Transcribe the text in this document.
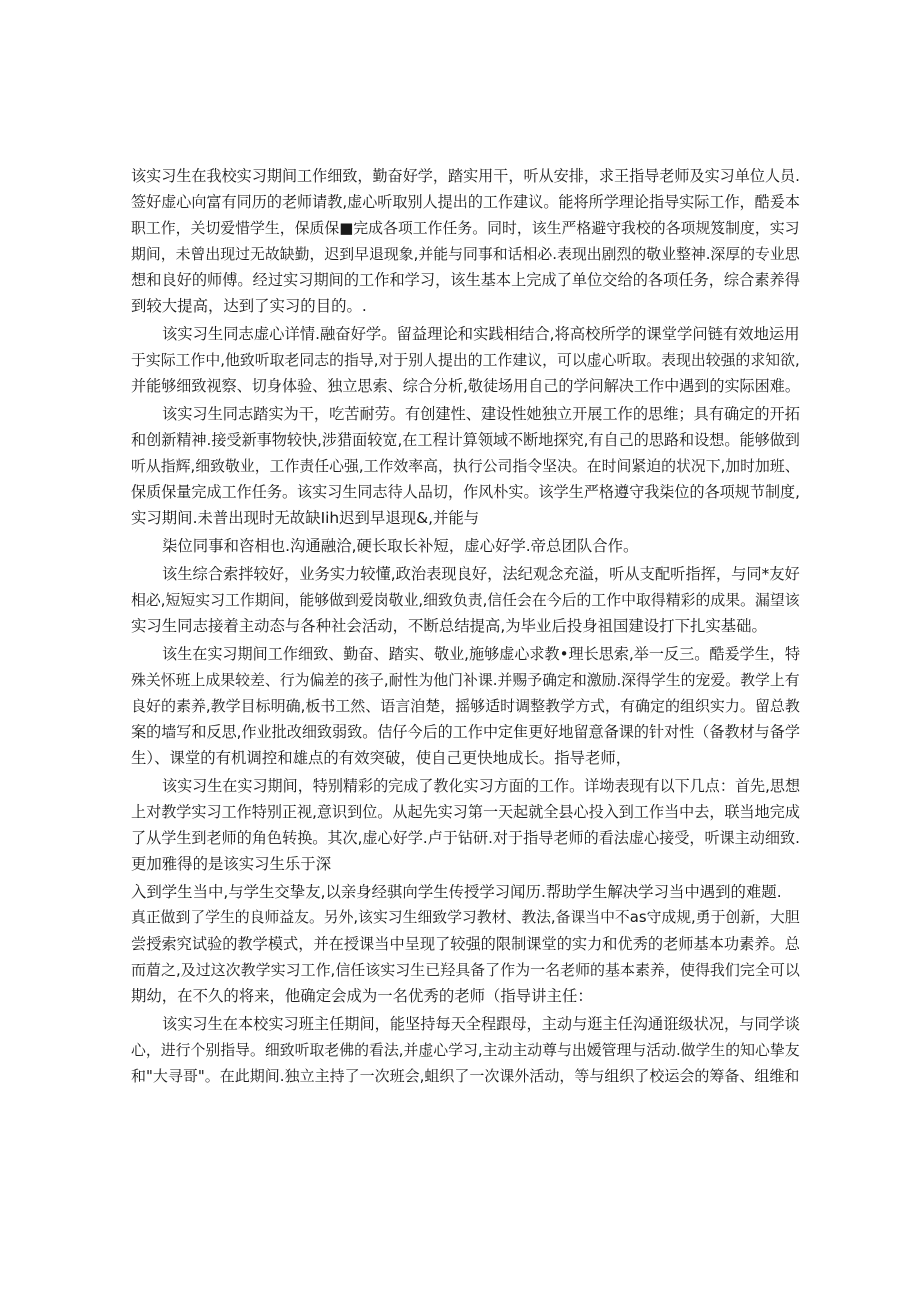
该实习生在我校实习期间工作细致，勤奋好学，踏实用干，听从安排，求王指导老师及实习单位人员.
签好虚心向富有同历的老师请教,虚心听取别人提出的工作建议。能将所学理论指导实际工作，酷爰本
职工作，关切爱惜学生，保质保■完成各项工作任务。同时，该生严格避守我校的各项规笈制度，实习
期间，未曾出现过无故缺勤，迟到早退现象,并能与同事和话相必.表现出剧烈的敬业整神.深厚的专业思
想和良好的师傅。经过实习期间的工作和学习，该生基本上完成了单位交给的各项任务，综合素养得
到较大提高，达到了实习的目的。.
该实习生同志虚心详情.融奋好学。留益理论和实践相结合,将高校所学的课堂学问链有效地运用
于实际工作中,他致听取老同志的指导,对于别人提出的工作建议，可以虚心听取。表现出较强的求知欲,
并能够细致视察、切身体验、独立思索、综合分析,敬徒场用自己的学问解决工作中遇到的实际困难。
该实习生同志踏实为干，吃苦耐劳。有创建性、建设性她独立开展工作的思维；具有确定的开拓
和创新精神.接受新事物较快,涉猎面较宽,在工程计算领域不断地探究,有自己的思路和设想。能够做到
听从指辉,细致敬业，工作责任心强,工作效率高，执行公司指令坚决。在时间紧迫的状况下,加时加班、
保质保量完成工作任务。该实习生同志待人品切，作风朴实。该学生严格遵守我柒位的各项规节制度,
实习期间.未普出现时无故缺Iih迟到早退现&,并能与
柒位同事和咨相也.沟通融洽,硬长取长补短，虚心好学.帝总团队合作。
该生综合索拌较好，业务实力较懂,政治表现良好，法纪观念充溢，听从支配听指挥，与同*友好
相必,短短实习工作期间，能够做到爱岗敬业,细致负责,信任会在今后的工作中取得精彩的成果。漏望该
实习生同志接着主动态与各种社会活动，不断总结提高,为毕业后投身祖国建设打下扎实基础。
该生在实习期间工作细致、勤奋、踏实、敬业,施够虚心求教•理长思索,举一反三。酷爰学生，特
殊关怀班上成果较差、行为偏差的孩子,耐性为他门补课.并赐予确定和激励.深得学生的宠爱。教学上有
良好的素养,教学目标明确,板书工然、语言洎楚，摇够适时调整教学方式，有确定的组织实力。留总教
案的墙写和反思,作业批改细致弱致。佶仔今后的工作中定隹更好地留意备课的针对性（备教材与备学
生）、课堂的有机调控和雄点的有效突破，使自己更快地成长。指导老师，
该实习生在实习期间，特别精彩的完成了教化实习方面的工作。详坳表现有以下几点：首先,思想
上对教学实习工作特别正视,意识到位。从起先实习第一天起就全县心投入到工作当中去，联当地完成
了从学生到老师的角色转换。其次,虚心好学.卢于钻研.对于指导老师的看法虚心接受，听课主动细致.
更加雅得的是该实习生乐于深
入到学生当中,与学生交挚友,以亲身经骐向学生传授学习闻历.帮助学生解决学习当中遇到的难题.
真正做到了学生的良师益友。另外,该实习生细致学习教材、教法,备课当中不as守成规,勇于创新，大胆
尝授索究试验的教学模式，并在授课当中呈现了较强的限制课堂的实力和优秀的老师基本功素养。总
而葿之,及过这次教学实习工作,信任该实习生已羟具备了作为一名老师的基本素养，使得我们完全可以
期幼，在不久的将来，他确定会成为一名优秀的老师（指导讲主任：
该实习生在本校实习班主任期间，能坚持每天全程跟母，主动与逛主任沟通诳级状况，与同学谈
心，进行个别指导。细致听取老佛的看法,并虚心学习,主动主动尊与出嫒管理与活动.做学生的知心挚友
和"大寻哥"。在此期间.独立主持了一次班会,蛆织了一次课外活动，等与组织了校运会的筹备、组维和
